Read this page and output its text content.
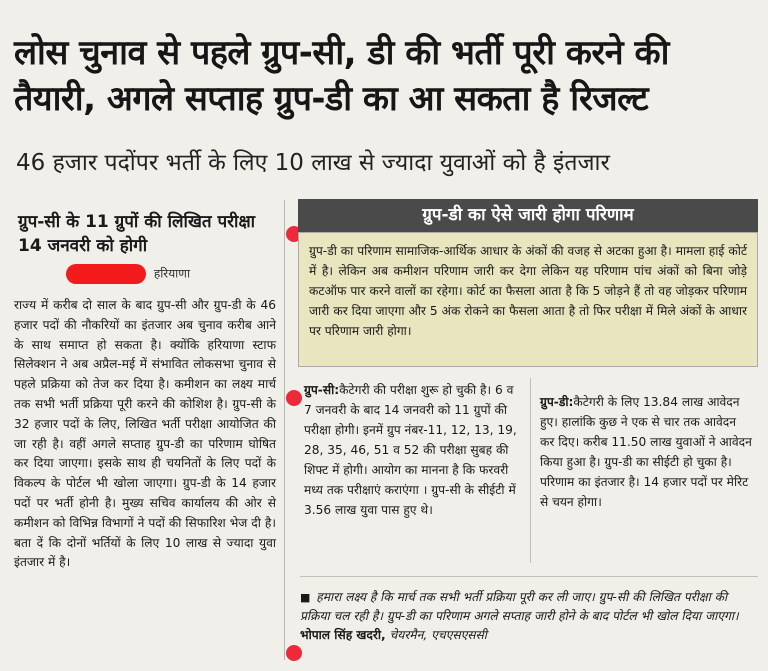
लोस चुनाव से पहले ग्रुप-सी, डी की भर्ती पूरी करने की तैयारी, अगले सप्ताह ग्रुप-डी का आ सकता है रिजल्ट
46 हजार पदोंपर भर्ती के लिए 10 लाख से ज्यादा युवाओं को है इंतजार
ग्रुप-सी के 11 ग्रुपों की लिखित परीक्षा 14 जनवरी को होगी
हरियाणा
राज्य में करीब दो साल के बाद ग्रुप-सी और ग्रुप-डी के 46 हजार पदों की नौकरियों का इंतजार अब चुनाव करीब आने के साथ समाप्त हो सकता है। क्योंकि हरियाणा स्टाफ सिलेक्शन ने अब अप्रैल-मई में संभावित लोकसभा चुनाव से पहले प्रक्रिया को तेज कर दिया है। कमीशन का लक्ष्य मार्च तक सभी भर्ती प्रक्रिया पूरी करने की कोशिश है। ग्रुप-सी के 32 हजार पदों के लिए, लिखित भर्ती परीक्षा आयोजित की जा रही है। वहीं अगले सप्ताह ग्रुप-डी का परिणाम घोषित कर दिया जाएगा। इसके साथ ही चयनितों के लिए पदों के विकल्प के पोर्टल भी खोला जाएगा। ग्रुप-डी के 14 हजार पदों पर भर्ती होनी है। मुख्य सचिव कार्यालय की ओर से कमीशन को विभिन्न विभागों ने पदों की सिफारिश भेज दी है। बता दें कि दोनों भर्तियों के लिए 10 लाख से ज्यादा युवा इंतजार में है।
ग्रुप-डी का ऐसे जारी होगा परिणाम
ग्रुप-डी का परिणाम सामाजिक-आर्थिक आधार के अंकों की वजह से अटका हुआ है। मामला हाई कोर्ट में है। लेकिन अब कमीशन परिणाम जारी कर देगा लेकिन यह परिणाम पांच अंकों को बिना जोड़े कटऑफ पार करने वालों का रहेगा। कोर्ट का फैसला आता है कि 5 जोड़ने हैं तो वह जोड़कर परिणाम जारी कर दिया जाएगा और 5 अंक रोकने का फैसला आता है तो फिर परीक्षा में मिले अंकों के आधार पर परिणाम जारी होगा।
ग्रुप-सी:कैटेगरी की परीक्षा शुरू हो चुकी है। 6 व 7 जनवरी के बाद 14 जनवरी को 11 ग्रुपों की परीक्षा होगी। इनमें ग्रुप नंबर-11, 12, 13, 19, 28, 35, 46, 51 व 52 की परीक्षा सुबह की शिफ्ट में होगी। आयोग का मानना है कि फरवरी मध्य तक परीक्षाएं कराएंगा । ग्रुप-सी के सीईटी में 3.56 लाख युवा पास हुए थे।
ग्रुप-डी:कैटेगरी के लिए 13.84 लाख आवेदन हुए। हालांकि कुछ ने एक से चार तक आवेदन कर दिए। करीब 11.50 लाख युवाओं ने आवेदन किया हुआ है। ग्रुप-डी का सीईटी हो चुका है। परिणाम का इंतजार है। 14 हजार पदों पर मेरिट से चयन होगा।
■ हमारा लक्ष्य है कि मार्च तक सभी भर्ती प्रक्रिया पूरी कर ली जाए। ग्रुप-सी की लिखित परीक्षा की प्रक्रिया चल रही है। ग्रुप-डी का परिणाम अगले सप्ताह जारी होने के बाद पोर्टल भी खोल दिया जाएगा। भोपाल सिंह खदरी, चेयरमैन, एचएसएससी
